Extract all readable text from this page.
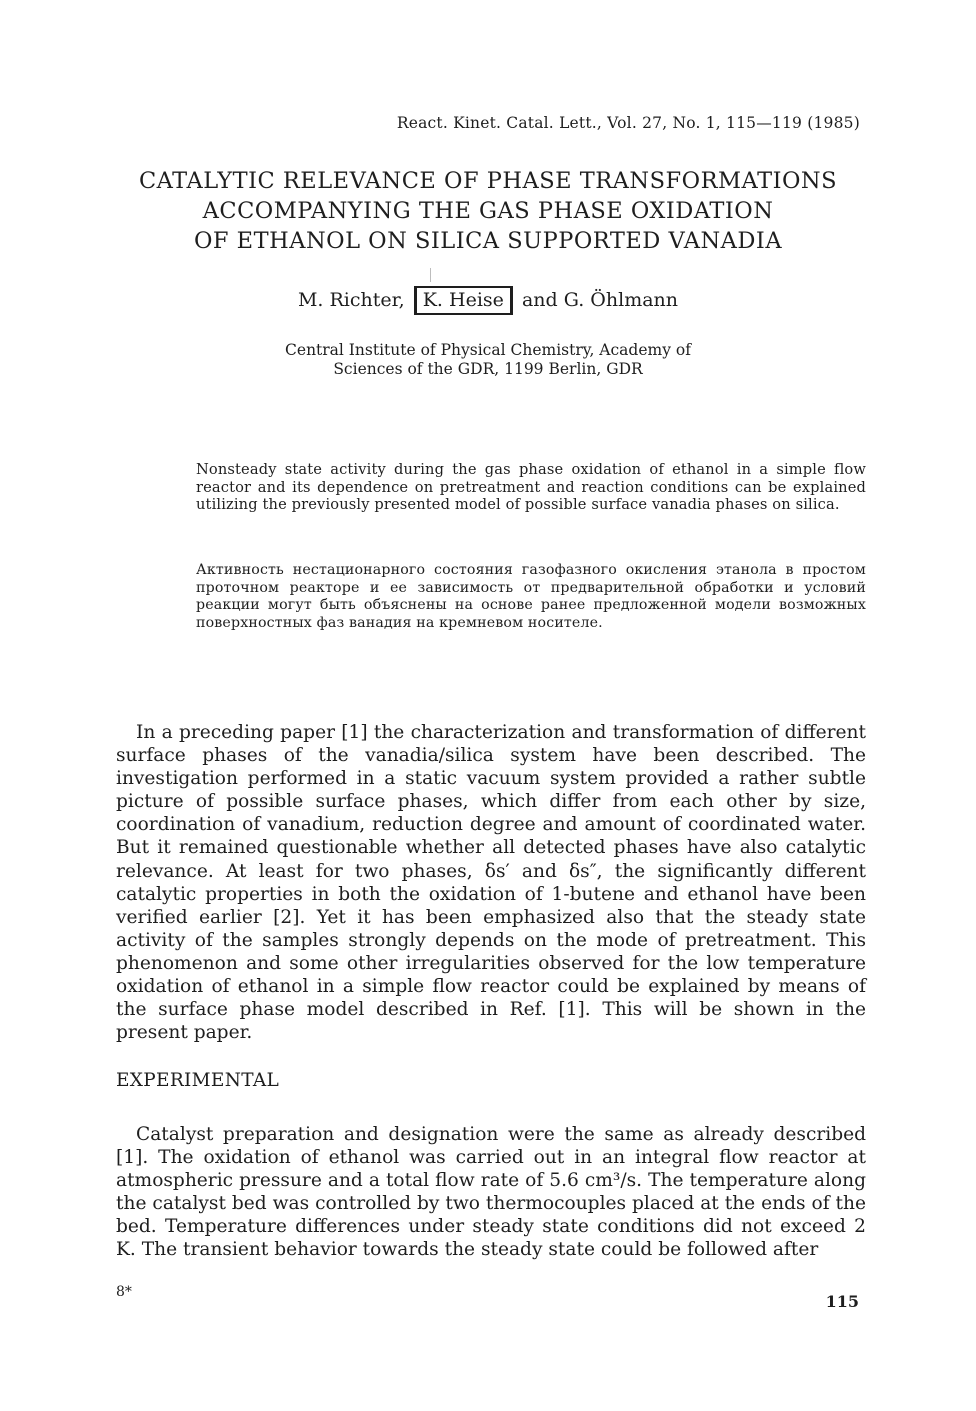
React. Kinet. Catal. Lett., Vol. 27, No. 1, 115—119 (1985)
CATALYTIC RELEVANCE OF PHASE TRANSFORMATIONS
ACCOMPANYING THE GAS PHASE OXIDATION
OF ETHANOL ON SILICA SUPPORTED VANADIA
M. Richter, K. Heise and G. Öhlmann
Central Institute of Physical Chemistry, Academy of
Sciences of the GDR, 1199 Berlin, GDR
Nonsteady state activity during the gas phase oxidation of ethanol in a simple flow reactor and its dependence on pretreatment and reaction conditions can be explained utilizing the previously presented model of possible surface vanadia phases on silica.
Активность нестационарного состояния газофазного окисления этанола в простом проточном реакторе и ее зависимость от предварительной обработки и условий реакции могут быть объяснены на основе ранее предложенной модели возможных поверхностных фаз ванадия на кремневом носителе.
In a preceding paper [1] the characterization and transformation of different surface phases of the vanadia/silica system have been described. The investigation performed in a static vacuum system provided a rather subtle picture of possible surface phases, which differ from each other by size, coordination of vanadium, reduction degree and amount of coordinated water. But it remained questionable whether all detected phases have also catalytic relevance. At least for two phases, δs′ and δs″, the significantly different catalytic properties in both the oxidation of 1-butene and ethanol have been verified earlier [2]. Yet it has been emphasized also that the steady state activity of the samples strongly depends on the mode of pretreatment. This phenomenon and some other irregularities observed for the low temperature oxidation of ethanol in a simple flow reactor could be explained by means of the surface phase model described in Ref. [1]. This will be shown in the present paper.
EXPERIMENTAL
Catalyst preparation and designation were the same as already described [1]. The oxidation of ethanol was carried out in an integral flow reactor at atmospheric pressure and a total flow rate of 5.6 cm³/s. The temperature along the catalyst bed was controlled by two thermocouples placed at the ends of the bed. Temperature differences under steady state conditions did not exceed 2 K. The transient behavior towards the steady state could be followed after
8*	115
